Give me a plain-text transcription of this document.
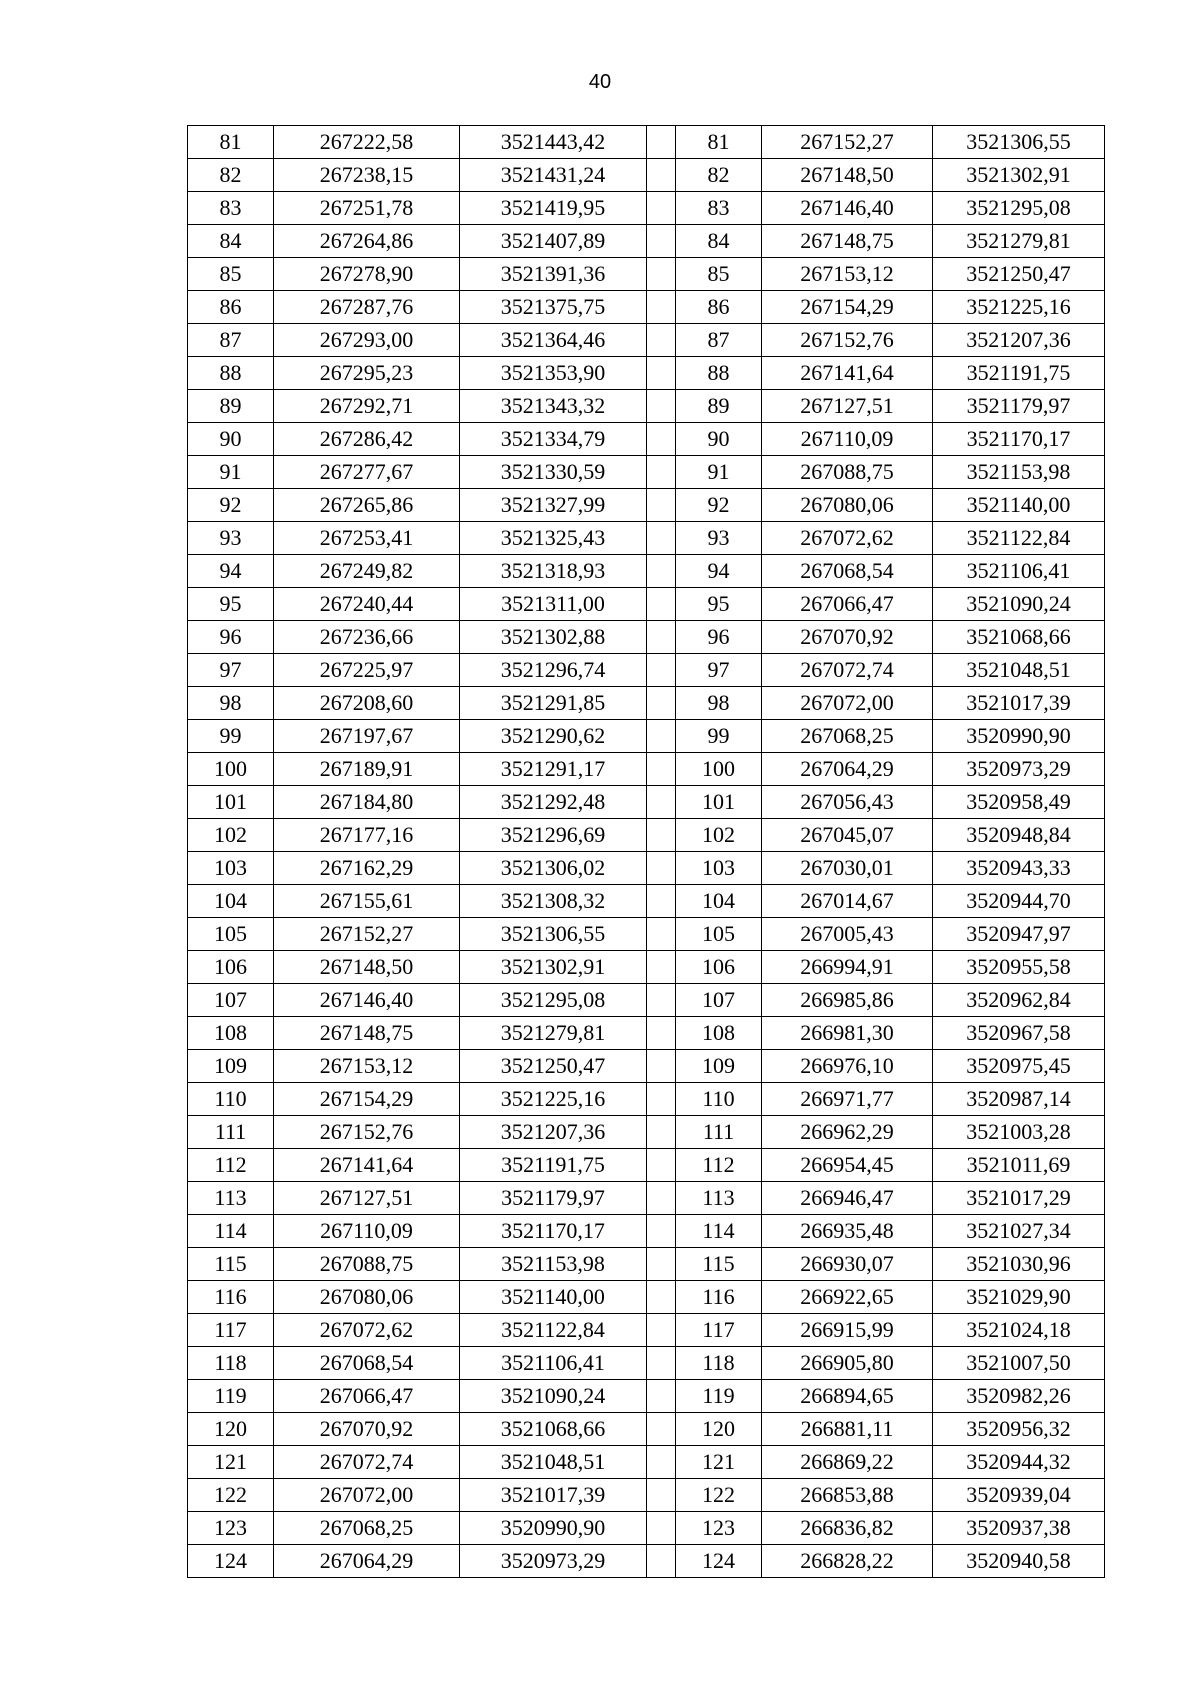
40
81	267222,58	3521443,42		81	267152,27	3521306,55
82	267238,15	3521431,24		82	267148,50	3521302,91
83	267251,78	3521419,95		83	267146,40	3521295,08
84	267264,86	3521407,89		84	267148,75	3521279,81
85	267278,90	3521391,36		85	267153,12	3521250,47
86	267287,76	3521375,75		86	267154,29	3521225,16
87	267293,00	3521364,46		87	267152,76	3521207,36
88	267295,23	3521353,90		88	267141,64	3521191,75
89	267292,71	3521343,32		89	267127,51	3521179,97
90	267286,42	3521334,79		90	267110,09	3521170,17
91	267277,67	3521330,59		91	267088,75	3521153,98
92	267265,86	3521327,99		92	267080,06	3521140,00
93	267253,41	3521325,43		93	267072,62	3521122,84
94	267249,82	3521318,93		94	267068,54	3521106,41
95	267240,44	3521311,00		95	267066,47	3521090,24
96	267236,66	3521302,88		96	267070,92	3521068,66
97	267225,97	3521296,74		97	267072,74	3521048,51
98	267208,60	3521291,85		98	267072,00	3521017,39
99	267197,67	3521290,62		99	267068,25	3520990,90
100	267189,91	3521291,17		100	267064,29	3520973,29
101	267184,80	3521292,48		101	267056,43	3520958,49
102	267177,16	3521296,69		102	267045,07	3520948,84
103	267162,29	3521306,02		103	267030,01	3520943,33
104	267155,61	3521308,32		104	267014,67	3520944,70
105	267152,27	3521306,55		105	267005,43	3520947,97
106	267148,50	3521302,91		106	266994,91	3520955,58
107	267146,40	3521295,08		107	266985,86	3520962,84
108	267148,75	3521279,81		108	266981,30	3520967,58
109	267153,12	3521250,47		109	266976,10	3520975,45
110	267154,29	3521225,16		110	266971,77	3520987,14
111	267152,76	3521207,36		111	266962,29	3521003,28
112	267141,64	3521191,75		112	266954,45	3521011,69
113	267127,51	3521179,97		113	266946,47	3521017,29
114	267110,09	3521170,17		114	266935,48	3521027,34
115	267088,75	3521153,98		115	266930,07	3521030,96
116	267080,06	3521140,00		116	266922,65	3521029,90
117	267072,62	3521122,84		117	266915,99	3521024,18
118	267068,54	3521106,41		118	266905,80	3521007,50
119	267066,47	3521090,24		119	266894,65	3520982,26
120	267070,92	3521068,66		120	266881,11	3520956,32
121	267072,74	3521048,51		121	266869,22	3520944,32
122	267072,00	3521017,39		122	266853,88	3520939,04
123	267068,25	3520990,90		123	266836,82	3520937,38
124	267064,29	3520973,29		124	266828,22	3520940,58
